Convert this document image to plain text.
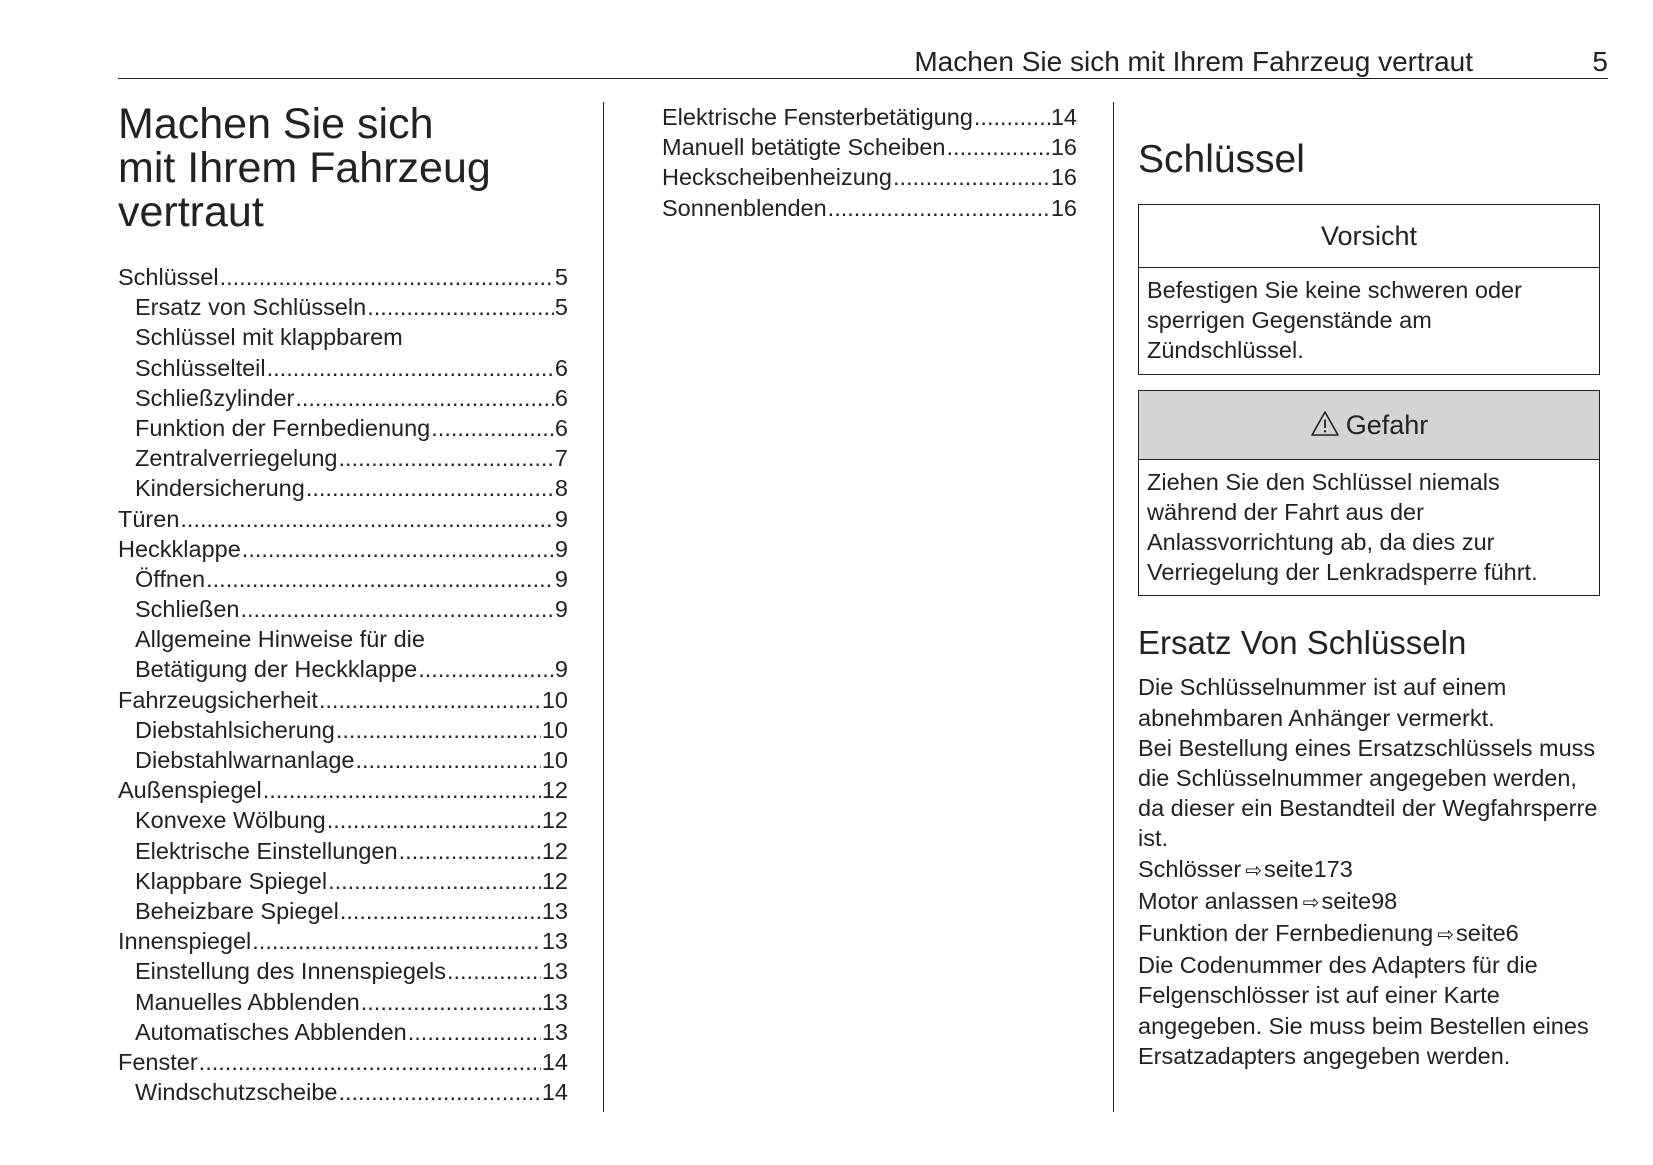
Machen Sie sich mit Ihrem Fahrzeug vertraut	5
Machen Sie sich
mit Ihrem Fahrzeug
vertraut
Schlüssel .....	5
Ersatz von Schlüsseln .....	5
Schlüssel mit klappbarem
Schlüsselteil .....	6
Schließzylinder .....	6
Funktion der Fernbedienung .....	6
Zentralverriegelung .....	7
Kindersicherung .....	8
Türen .....	9
Heckklappe .....	9
Öffnen .....	9
Schließen .....	9
Allgemeine Hinweise für die
Betätigung der Heckklappe .....	9
Fahrzeugsicherheit .....	10
Diebstahlsicherung .....	10
Diebstahlwarnanlage .....	10
Außenspiegel .....	12
Konvexe Wölbung .....	12
Elektrische Einstellungen .....	12
Klappbare Spiegel .....	12
Beheizbare Spiegel .....	13
Innenspiegel .....	13
Einstellung des Innenspiegels .....	13
Manuelles Abblenden .....	13
Automatisches Abblenden .....	13
Fenster .....	14
Windschutzscheibe .....	14
Elektrische Fensterbetätigung .....	14
Manuell betätigte Scheiben .....	16
Heckscheibenheizung .....	16
Sonnenblenden .....	16
Schlüssel
Vorsicht
Befestigen Sie keine schweren oder sperrigen Gegenstände am Zündschlüssel.
Gefahr
Ziehen Sie den Schlüssel niemals während der Fahrt aus der Anlassvorrichtung ab, da dies zur Verriegelung der Lenkradsperre führt.
Ersatz Von Schlüsseln

Die Schlüsselnummer ist auf einem abnehmbaren Anhänger vermerkt.

Bei Bestellung eines Ersatzschlüssels muss die Schlüsselnummer angegeben werden, da dieser ein Bestandteil der Wegfahrsperre ist.

Schlösser ⇨seite173

Motor anlassen ⇨seite98

Funktion der Fernbedienung ⇨seite6

Die Codenummer des Adapters für die Felgenschlösser ist auf einer Karte angegeben. Sie muss beim Bestellen eines Ersatzadapters angegeben werden.
